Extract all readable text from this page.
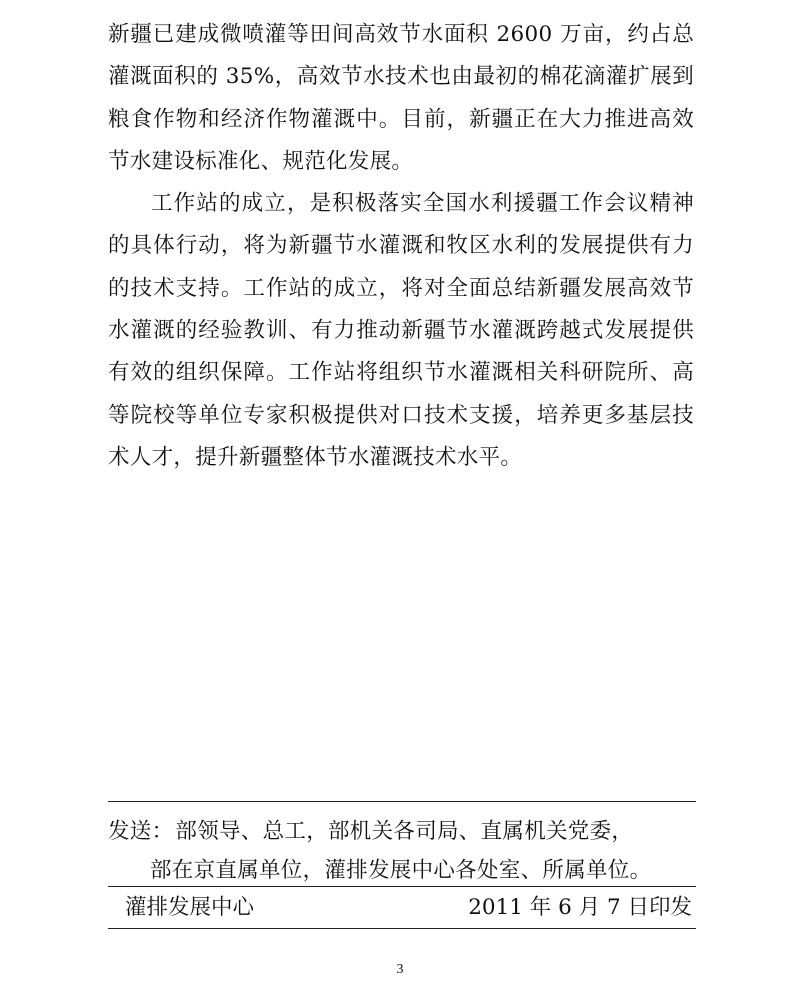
新疆已建成微喷灌等田间高效节水面积 2600 万亩，约占总灌溉面积的 35%，高效节水技术也由最初的棉花滴灌扩展到粮食作物和经济作物灌溉中。目前，新疆正在大力推进高效节水建设标准化、规范化发展。

工作站的成立，是积极落实全国水利援疆工作会议精神的具体行动，将为新疆节水灌溉和牧区水利的发展提供有力的技术支持。工作站的成立，将对全面总结新疆发展高效节水灌溉的经验教训、有力推动新疆节水灌溉跨越式发展提供有效的组织保障。工作站将组织节水灌溉相关科研院所、高等院校等单位专家积极提供对口技术支援，培养更多基层技术人才，提升新疆整体节水灌溉技术水平。

发送：部领导、总工，部机关各司局、直属机关党委，
部在京直属单位，灌排发展中心各处室、所属单位。
灌排发展中心	2011 年 6 月 7 日印发
3
